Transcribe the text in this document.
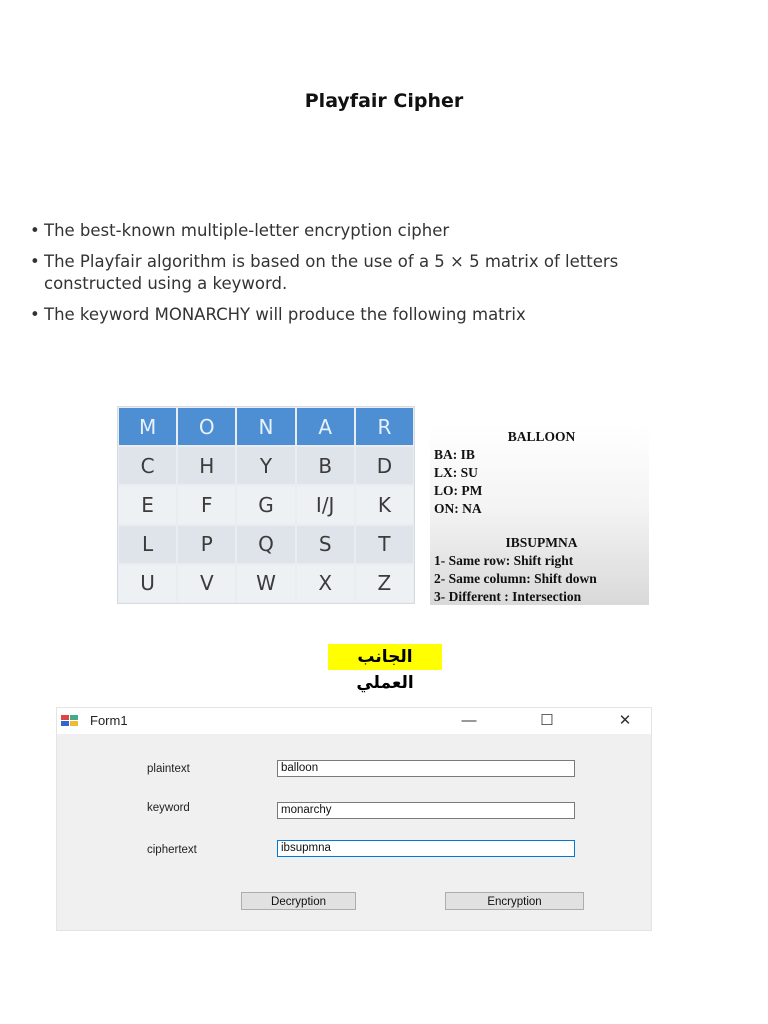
Playfair Cipher
• The best-known multiple-letter encryption cipher
• The Playfair algorithm is based on the use of a 5 × 5 matrix of letters constructed using a keyword.
• The keyword MONARCHY will produce the following matrix
M	O	N	A	R
C	H	Y	B	D
E	F	G	I/J	K
L	P	Q	S	T
U	V	W	X	Z
BALLOON
BA: IB
LX: SU
LO: PM
ON: NA
IBSUPMNA
1- Same row: Shift right
2- Same column: Shift down
3- Different : Intersection
الجانب العملي
Form1	—	☐	✕
plaintext	balloon
keyword	monarchy
ciphertext	ibsupmna
Decryption	Encryption
